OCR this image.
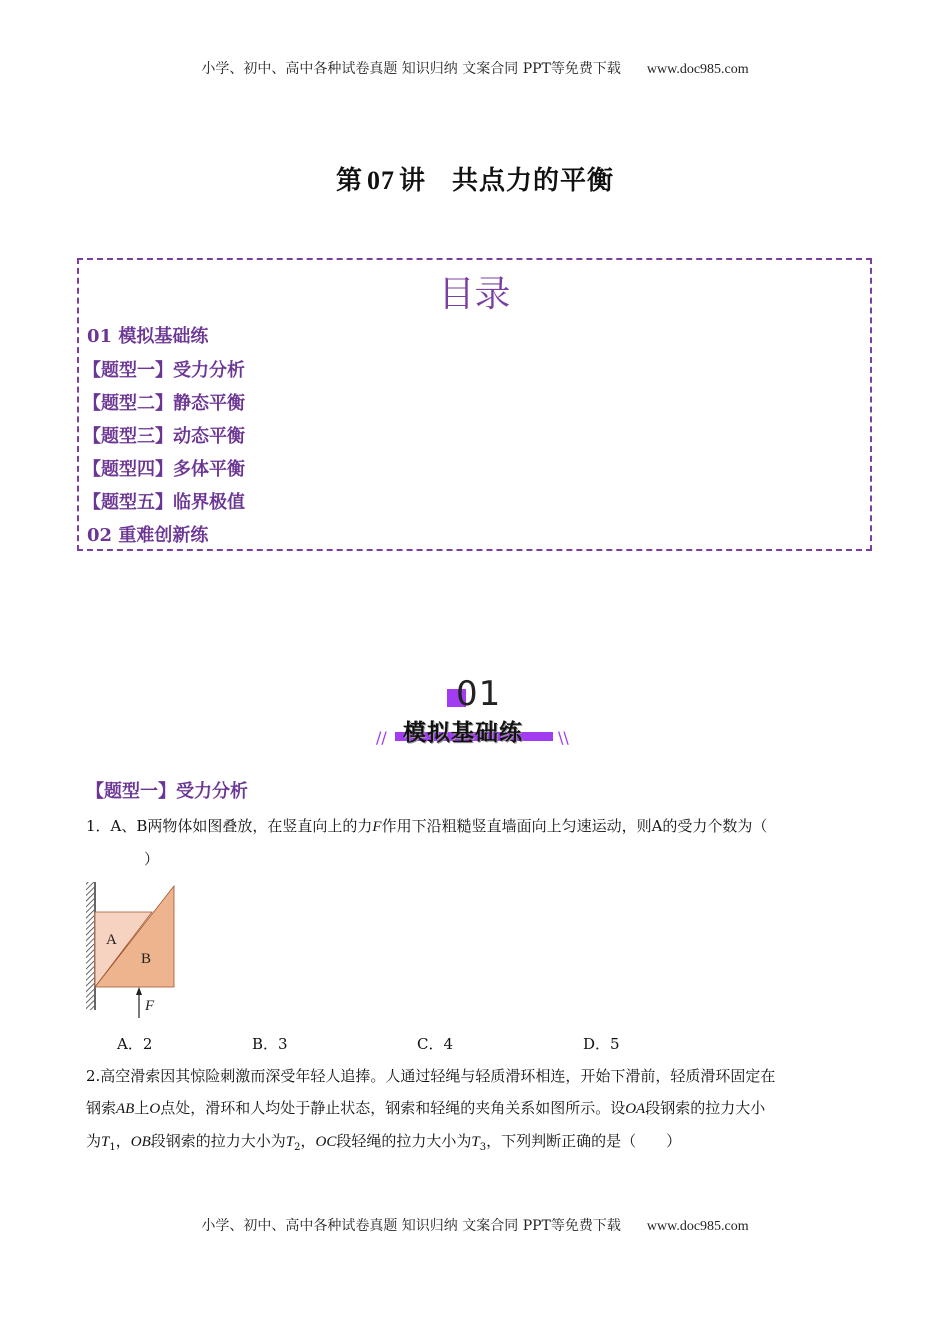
小学、初中、高中各种试卷真题 知识归纳 文案合同 PPT等免费下载 www.doc985.com
第 07 讲 共点力的平衡
目录
01 模拟基础练
【题型一】受力分析
【题型二】静态平衡
【题型三】动态平衡
【题型四】多体平衡
【题型五】临界极值
02 重难创新练
01
模拟基础练
//	\\
【题型一】受力分析
1．A、B两物体如图叠放，在竖直向上的力F作用下沿粗糙竖直墙面向上匀速运动，则A的受力个数为（
）
A
B
F
A．2	B．3	C．4	D．5
2.高空滑索因其惊险刺激而深受年轻人追捧。人通过轻绳与轻质滑环相连，开始下滑前，轻质滑环固定在
钢索AB上O点处，滑环和人均处于静止状态，钢索和轻绳的夹角关系如图所示。设OA段钢索的拉力大小
为$T_1$，OB段钢索的拉力大小为$T_2$，OC段轻绳的拉力大小为$T_3$，下列判断正确的是（　　）
小学、初中、高中各种试卷真题 知识归纳 文案合同 PPT等免费下载 www.doc985.com
